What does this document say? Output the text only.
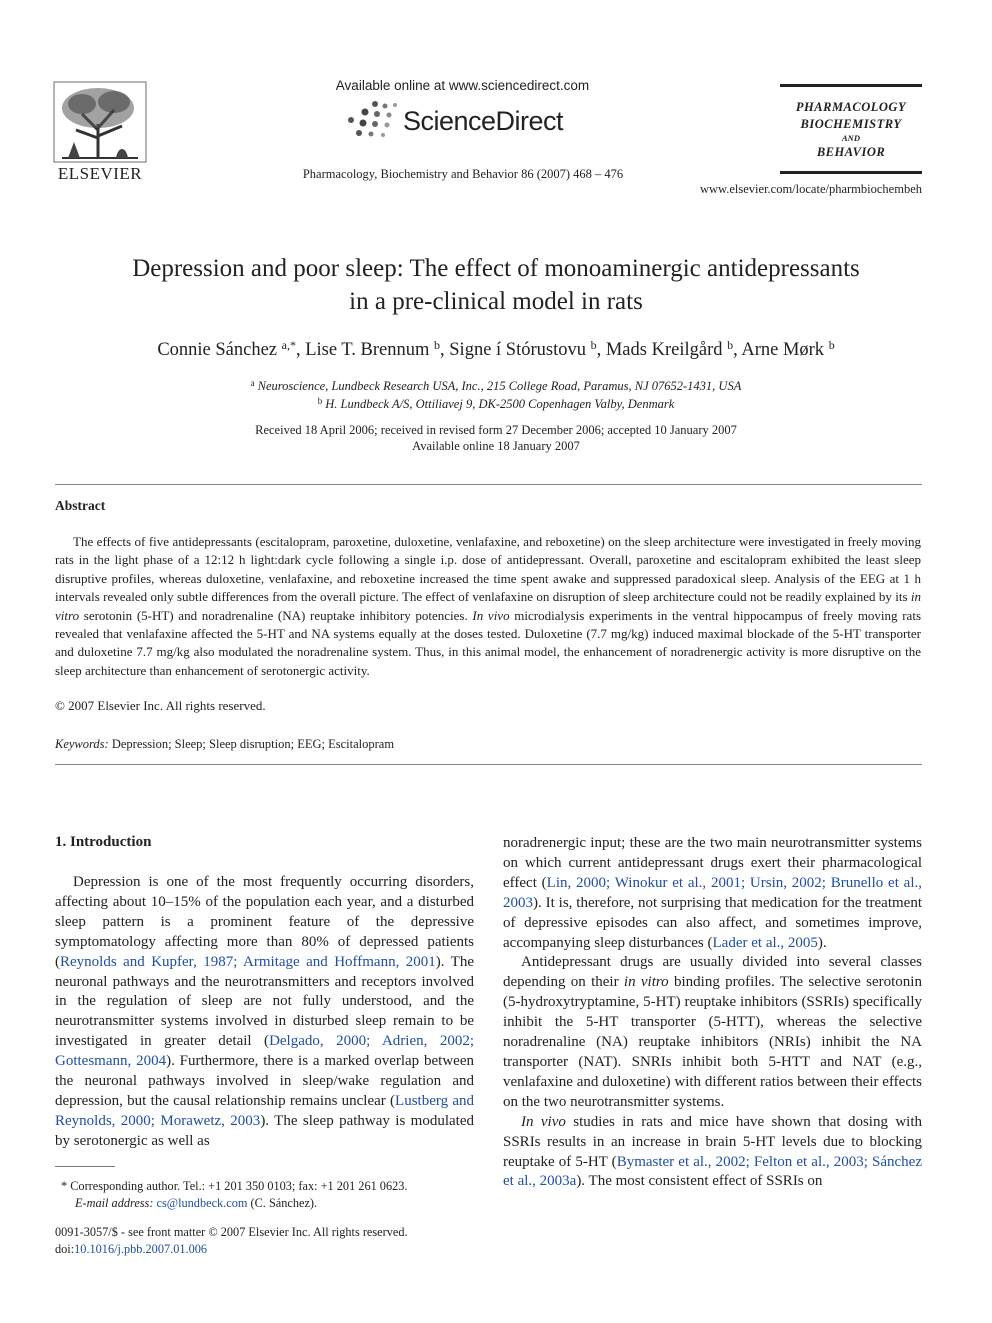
ELSEVIER
Available online at www.sciencedirect.com
ScienceDirect
Pharmacology, Biochemistry and Behavior 86 (2007) 468 – 476
PHARMACOLOGY
BIOCHEMISTRY
AND
BEHAVIOR
www.elsevier.com/locate/pharmbiochembeh
Depression and poor sleep: The effect of monoaminergic antidepressants
in a pre-clinical model in rats
Connie Sánchez $^{a,*}$, Lise T. Brennum $^b$, Signe í Stórustovu $^b$, Mads Kreilgård $^b$, Arne Mørk $^b$
$^a$ Neuroscience, Lundbeck Research USA, Inc., 215 College Road, Paramus, NJ 07652-1431, USA
$^b$ H. Lundbeck A/S, Ottiliavej 9, DK-2500 Copenhagen Valby, Denmark
Received 18 April 2006; received in revised form 27 December 2006; accepted 10 January 2007
Available online 18 January 2007
Abstract

The effects of five antidepressants (escitalopram, paroxetine, duloxetine, venlafaxine, and reboxetine) on the sleep architecture were investigated in freely moving rats in the light phase of a 12:12 h light:dark cycle following a single i.p. dose of antidepressant. Overall, paroxetine and escitalopram exhibited the least sleep disruptive profiles, whereas duloxetine, venlafaxine, and reboxetine increased the time spent awake and suppressed paradoxical sleep. Analysis of the EEG at 1 h intervals revealed only subtle differences from the overall picture. The effect of venlafaxine on disruption of sleep architecture could not be readily explained by its in vitro serotonin (5-HT) and noradrenaline (NA) reuptake inhibitory potencies. In vivo microdialysis experiments in the ventral hippocampus of freely moving rats revealed that venlafaxine affected the 5-HT and NA systems equally at the doses tested. Duloxetine (7.7 mg/kg) induced maximal blockade of the 5-HT transporter and duloxetine 7.7 mg/kg also modulated the noradrenaline system. Thus, in this animal model, the enhancement of noradrenergic activity is more disruptive on the sleep architecture than enhancement of serotonergic activity.

© 2007 Elsevier Inc. All rights reserved.
Keywords: Depression; Sleep; Sleep disruption; EEG; Escitalopram
1. Introduction

Depression is one of the most frequently occurring disorders, affecting about 10–15% of the population each year, and a disturbed sleep pattern is a prominent feature of the depressive symptomatology affecting more than 80% of depressed patients (Reynolds and Kupfer, 1987; Armitage and Hoffmann, 2001). The neuronal pathways and the neurotransmitters and receptors involved in the regulation of sleep are not fully understood, and the neurotransmitter systems involved in disturbed sleep remain to be investigated in greater detail (Delgado, 2000; Adrien, 2002; Gottesmann, 2004). Furthermore, there is a marked overlap between the neuronal pathways involved in sleep/wake regulation and depression, but the causal relationship remains unclear (Lustberg and Reynolds, 2000; Morawetz, 2003). The sleep pathway is modulated by serotonergic as well as

noradrenergic input; these are the two main neurotransmitter systems on which current antidepressant drugs exert their pharmacological effect (Lin, 2000; Winokur et al., 2001; Ursin, 2002; Brunello et al., 2003). It is, therefore, not surprising that medication for the treatment of depressive episodes can also affect, and sometimes improve, accompanying sleep disturbances (Lader et al., 2005).

Antidepressant drugs are usually divided into several classes depending on their in vitro binding profiles. The selective serotonin (5-hydroxytryptamine, 5-HT) reuptake inhibitors (SSRIs) specifically inhibit the 5-HT transporter (5-HTT), whereas the selective noradrenaline (NA) reuptake inhibitors (NRIs) inhibit the NA transporter (NAT). SNRIs inhibit both 5-HTT and NAT (e.g., venlafaxine and duloxetine) with different ratios between their effects on the two neurotransmitter systems.

In vivo studies in rats and mice have shown that dosing with SSRIs results in an increase in brain 5-HT levels due to blocking reuptake of 5-HT (Bymaster et al., 2002; Felton et al., 2003; Sánchez et al., 2003a). The most consistent effect of SSRIs on

* Corresponding author. Tel.: +1 201 350 0103; fax: +1 201 261 0623.
E-mail address: cs@lundbeck.com (C. Sánchez).
0091-3057/$ - see front matter © 2007 Elsevier Inc. All rights reserved.
doi:10.1016/j.pbb.2007.01.006
